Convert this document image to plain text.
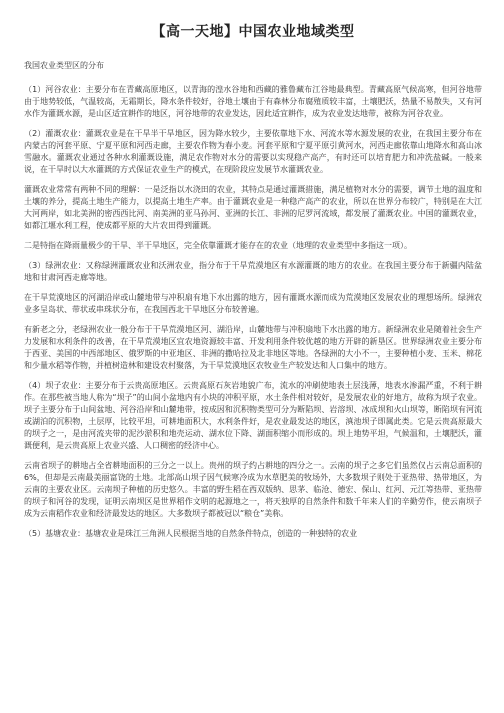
【高一天地】中国农业地域类型
我国农业类型区的分布

（1）河谷农业：主要分布在青藏高原地区，以青海的湟水谷地和西藏的雅鲁藏布江谷地最典型。青藏高原气候高寒，但河谷地带由于地势较低，气温较高，无霜期长，降水条件较好，谷地土壤由于有森林分布腐殖质较丰富，土壤肥沃，热量不易散失，又有河水作为灌溉水源，是山区适宜耕作的地区，河谷地带的农业发达，因此适宜耕作，成为农业发达地带，被称为河谷农业。

（2）灌溉农业：灌溉农业是在干旱半干旱地区，因为降水较少，主要依靠地下水、河流水等水源发展的农业，在我国主要分布在内蒙古的河套平原、宁夏平原和河西走廊，主要农作物为春小麦。河套平原和宁夏平原引黄河水，河西走廊依靠山地降水和高山冰雪融水。灌溉农业通过各种水利灌溉设施，满足农作物对水分的需要以实现稳产高产，有时还可以培育肥力和冲洗盐碱。一般来说，在干旱时以大水灌溉的方式保证农业生产的模式，在现阶段应发展节水灌溉农业。

灌溉农业常常有两种不同的理解：一是泛指以水浇田的农业，其特点是通过灌溉措施，满足植物对水分的需要，调节土地的温度和土壤的养分，提高土地生产能力，以提高土地生产率。由于灌溉农业是一种稳产高产的农业，所以在世界分布较广，特别是在大江大河两岸，如北美洲的密西西比河、南美洲的亚马孙河、亚洲的长江、非洲的尼罗河流域，都发展了灌溉农业。中国的灌溉农业，如都江堰水利工程，使成都平原的大片农田得到灌溉。

二是特指在降雨量极少的干旱、半干旱地区，完全依靠灌溉才能存在的农业（地理的农业类型中多指这一项）。

（3）绿洲农业：又称绿洲灌溉农业和沃洲农业，指分布于干旱荒漠地区有水源灌溉的地方的农业。在我国主要分布于新疆内陆盆地和甘肃河西走廊等地。

在干旱荒漠地区的河湖沿岸或山麓地带与冲积扇有地下水出露的地方，因有灌溉水源而成为荒漠地区发展农业的理想场所。绿洲农业多呈岛状、带状或串珠状分布，在我国西北干旱地区分布较普遍。

有新老之分，老绿洲农业一般分布于干旱荒漠地区河、湖沿岸，山麓地带与冲积扇地下水出露的地方。新绿洲农业是随着社会生产力发展和水利条件的改善，在干旱荒漠地区宜农地资源较丰富、开发利用条件较优越的地方开辟的新垦区。世界绿洲农业主要分布于西亚、美国的中西部地区、俄罗斯的中亚地区、非洲的撒哈拉及北非地区等地。各绿洲的大小不一，主要种植小麦、玉米、棉花和少量水稻等作物，并植树造林和建设农村聚落，为干旱荒漠地区农牧业生产较发达和人口集中的地方。

（4）坝子农业：主要分布于云贵高原地区。云贵高原石灰岩地貌广布，流水的冲刷使地表土层浅薄，地表水渗漏严重，不利于耕作。在那些被当地人称为“坝子”的山间小盆地内有小块的冲积平原，水土条件相对较好，是发展农业的好地方，故称为坝子农业。坝子主要分布于山间盆地、河谷沿岸和山麓地带，按成因和沉积物类型可分为断陷坝、岩溶坝、冰成坝和火山坝等，断陷坝有河流或湖泊的沉积物，土层厚，比较平坦，可耕地面积大，水利条件好，是农业最发达的地区，滇池坝子即属此类。它是云贵高原最大的坝子之一，是由河流夹带的泥沙淤积和地壳运动、湖水位下降、湖面积缩小而形成的。坝上地势平坦，气候温和，土壤肥沃，灌溉便利，是云贵高原上农业兴盛、人口稠密的经济中心。

云南省坝子的耕地占全省耕地面积的三分之一以上。贵州的坝子约占耕地的四分之一。云南的坝子之多它们虽然仅占云南总面积的6%，但却是云南最美丽富饶的土地。北部高山坝子因气候寒冷成为水草肥美的牧场外，大多数坝子则处于亚热带、热带地区，为云南的主要农业区。云南坝子种植的历史悠久。丰富的野生稻在西双版纳、思茅、临沧、德宏、保山、红河、元江等热带、亚热带的坝子和河谷的发现，证明云南坝区是世界稻作文明的起源地之一，将天独厚的自然条件和数千年来人们的辛勤劳作，使云南坝子成为云南稻作农业和经济最发达的地区。大多数坝子都被冠以“粮仓”美称。

（5）基塘农业：基塘农业是珠江三角洲人民根据当地的自然条件特点，创造的一种独特的农业
